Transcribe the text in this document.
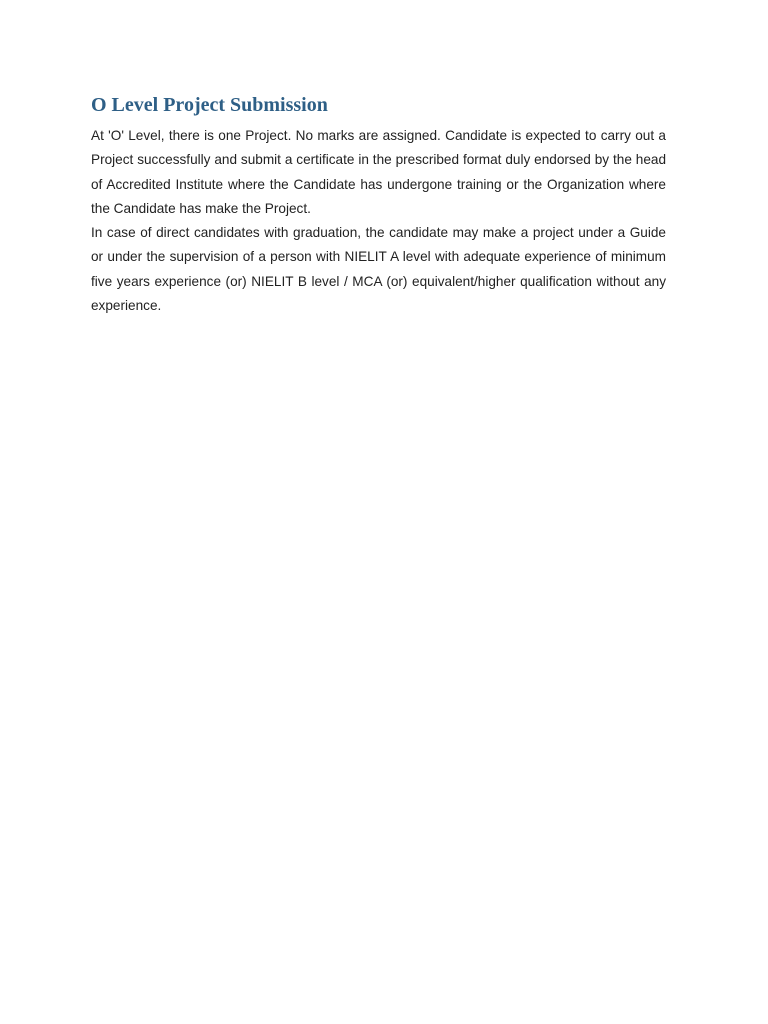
O Level Project Submission

At 'O' Level, there is one Project. No marks are assigned. Candidate is expected to carry out a Project successfully and submit a certificate in the prescribed format duly endorsed by the head of Accredited Institute where the Candidate has undergone training or the Organization where the Candidate has make the Project.

In case of direct candidates with graduation, the candidate may make a project under a Guide or under the supervision of a person with NIELIT A level with adequate experience of minimum five years experience (or) NIELIT B level / MCA (or) equivalent/higher qualification without any experience.
